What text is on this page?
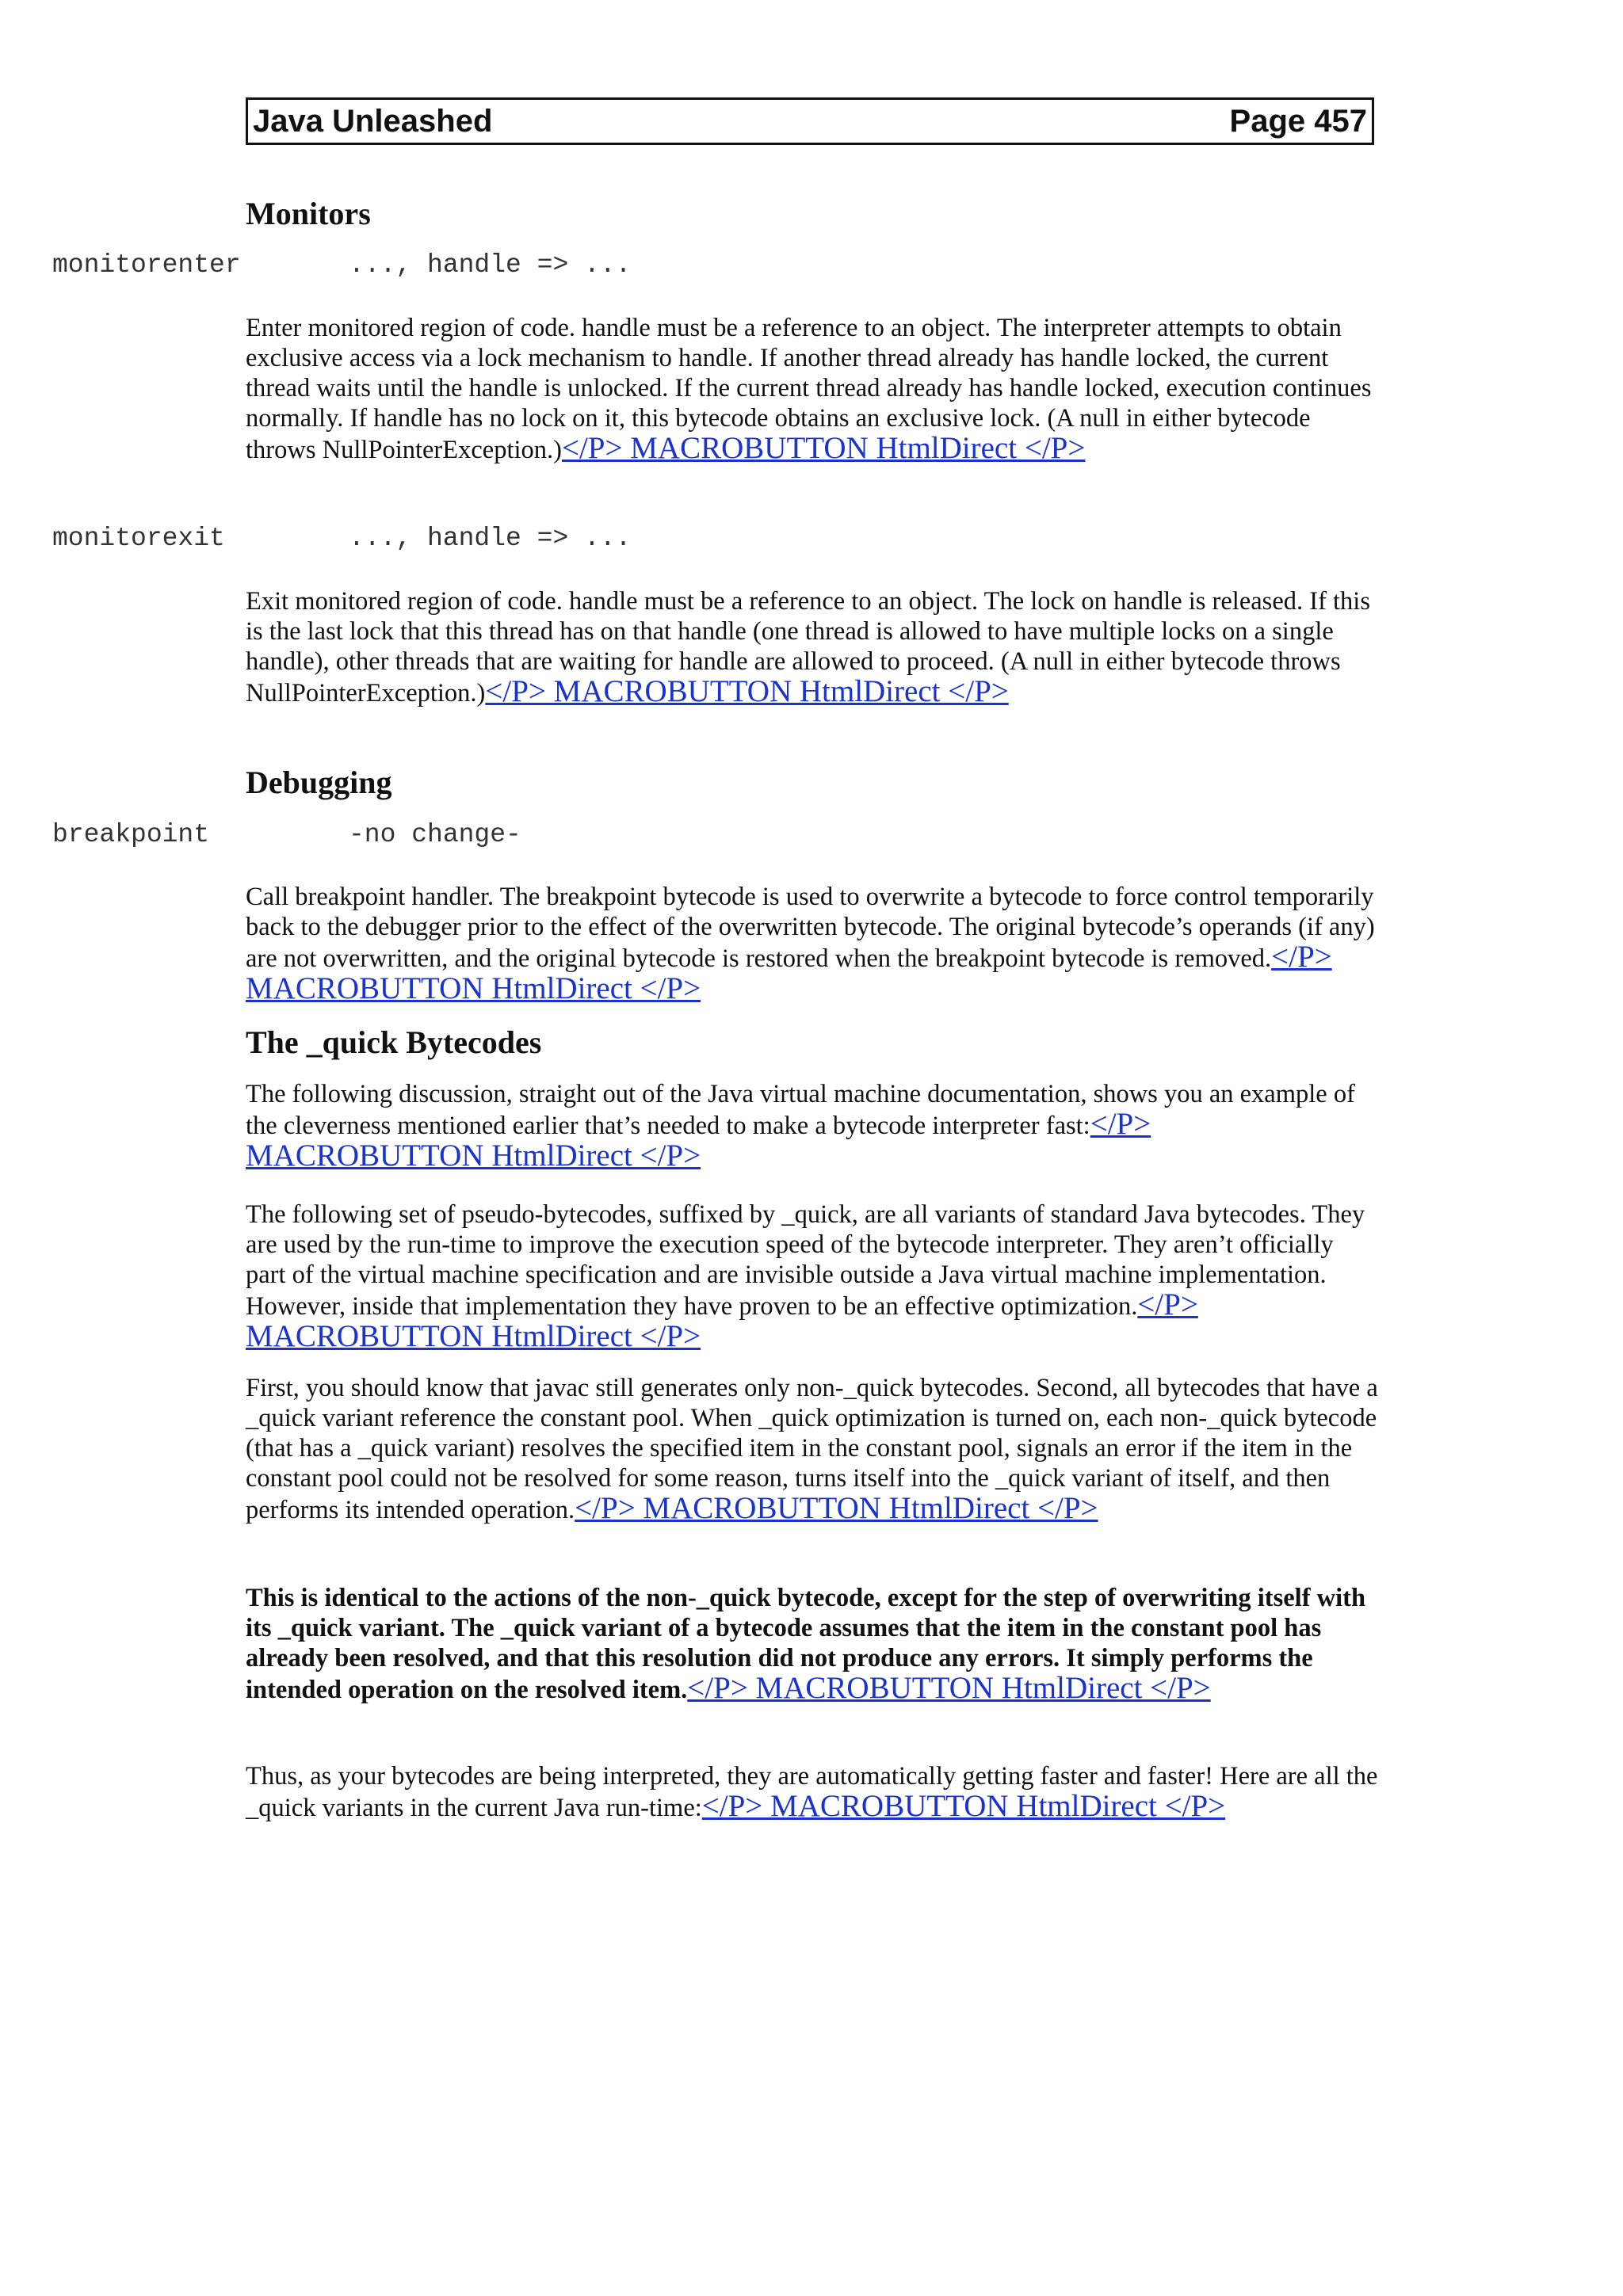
Java Unleashed	Page 457
Monitors
monitorenter	..., handle => ...

Enter monitored region of code. handle must be a reference to an object. The interpreter attempts to obtain exclusive access via a lock mechanism to handle. If another thread already has handle locked, the current thread waits until the handle is unlocked. If the current thread already has handle locked, execution continues normally. If handle has no lock on it, this bytecode obtains an exclusive lock. (A null in either bytecode throws NullPointerException.)</P> MACROBUTTON HtmlDirect </P>

monitorexit	..., handle => ...

Exit monitored region of code. handle must be a reference to an object. The lock on handle is released. If this is the last lock that this thread has on that handle (one thread is allowed to have multiple locks on a single handle), other threads that are waiting for handle are allowed to proceed. (A null in either bytecode throws NullPointerException.)</P> MACROBUTTON HtmlDirect </P>

Debugging
breakpoint	-no change-

Call breakpoint handler. The breakpoint bytecode is used to overwrite a bytecode to force control temporarily back to the debugger prior to the effect of the overwritten bytecode. The original bytecode’s operands (if any) are not overwritten, and the original bytecode is restored when the breakpoint bytecode is removed.</P> MACROBUTTON HtmlDirect </P>

The _quick Bytecodes

The following discussion, straight out of the Java virtual machine documentation, shows you an example of the cleverness mentioned earlier that’s needed to make a bytecode interpreter fast:</P> MACROBUTTON HtmlDirect </P>

The following set of pseudo-bytecodes, suffixed by _quick, are all variants of standard Java bytecodes. They are used by the run-time to improve the execution speed of the bytecode interpreter. They aren’t officially part of the virtual machine specification and are invisible outside a Java virtual machine implementation. However, inside that implementation they have proven to be an effective optimization.</P> MACROBUTTON HtmlDirect </P>

First, you should know that javac still generates only non-_quick bytecodes. Second, all bytecodes that have a _quick variant reference the constant pool. When _quick optimization is turned on, each non-_quick bytecode (that has a _quick variant) resolves the specified item in the constant pool, signals an error if the item in the constant pool could not be resolved for some reason, turns itself into the _quick variant of itself, and then performs its intended operation.</P> MACROBUTTON HtmlDirect </P>

This is identical to the actions of the non-_quick bytecode, except for the step of overwriting itself with its _quick variant. The _quick variant of a bytecode assumes that the item in the constant pool has already been resolved, and that this resolution did not produce any errors. It simply performs the intended operation on the resolved item.</P> MACROBUTTON HtmlDirect </P>

Thus, as your bytecodes are being interpreted, they are automatically getting faster and faster! Here are all the _quick variants in the current Java run-time:</P> MACROBUTTON HtmlDirect </P>
